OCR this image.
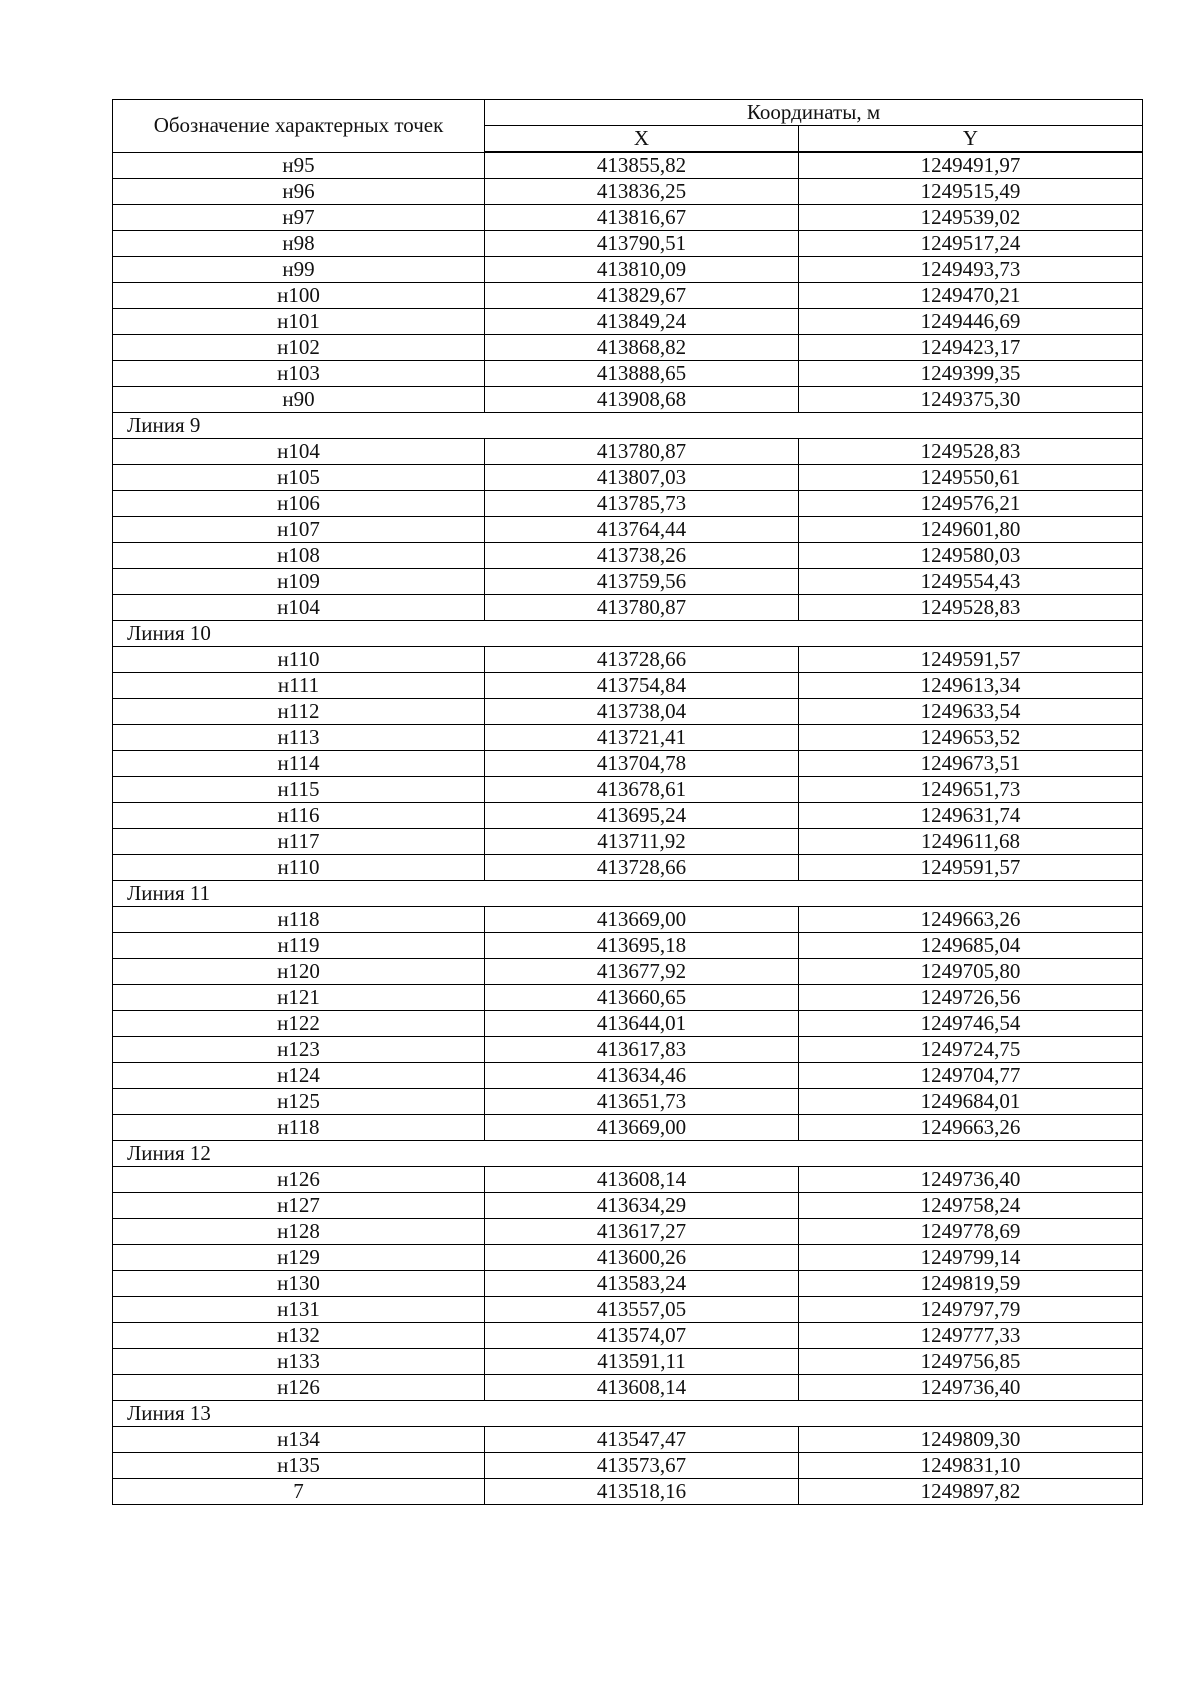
Обозначение характерных точек	Координаты, м	
	X	Y
н95	413855,82	1249491,97
н96	413836,25	1249515,49
н97	413816,67	1249539,02
н98	413790,51	1249517,24
н99	413810,09	1249493,73
н100	413829,67	1249470,21
н101	413849,24	1249446,69
н102	413868,82	1249423,17
н103	413888,65	1249399,35
н90	413908,68	1249375,30
Линия 9		
н104	413780,87	1249528,83
н105	413807,03	1249550,61
н106	413785,73	1249576,21
н107	413764,44	1249601,80
н108	413738,26	1249580,03
н109	413759,56	1249554,43
н104	413780,87	1249528,83
Линия 10		
н110	413728,66	1249591,57
н111	413754,84	1249613,34
н112	413738,04	1249633,54
н113	413721,41	1249653,52
н114	413704,78	1249673,51
н115	413678,61	1249651,73
н116	413695,24	1249631,74
н117	413711,92	1249611,68
н110	413728,66	1249591,57
Линия 11		
н118	413669,00	1249663,26
н119	413695,18	1249685,04
н120	413677,92	1249705,80
н121	413660,65	1249726,56
н122	413644,01	1249746,54
н123	413617,83	1249724,75
н124	413634,46	1249704,77
н125	413651,73	1249684,01
н118	413669,00	1249663,26
Линия 12		
н126	413608,14	1249736,40
н127	413634,29	1249758,24
н128	413617,27	1249778,69
н129	413600,26	1249799,14
н130	413583,24	1249819,59
н131	413557,05	1249797,79
н132	413574,07	1249777,33
н133	413591,11	1249756,85
н126	413608,14	1249736,40
Линия 13		
н134	413547,47	1249809,30
н135	413573,67	1249831,10
7	413518,16	1249897,82
